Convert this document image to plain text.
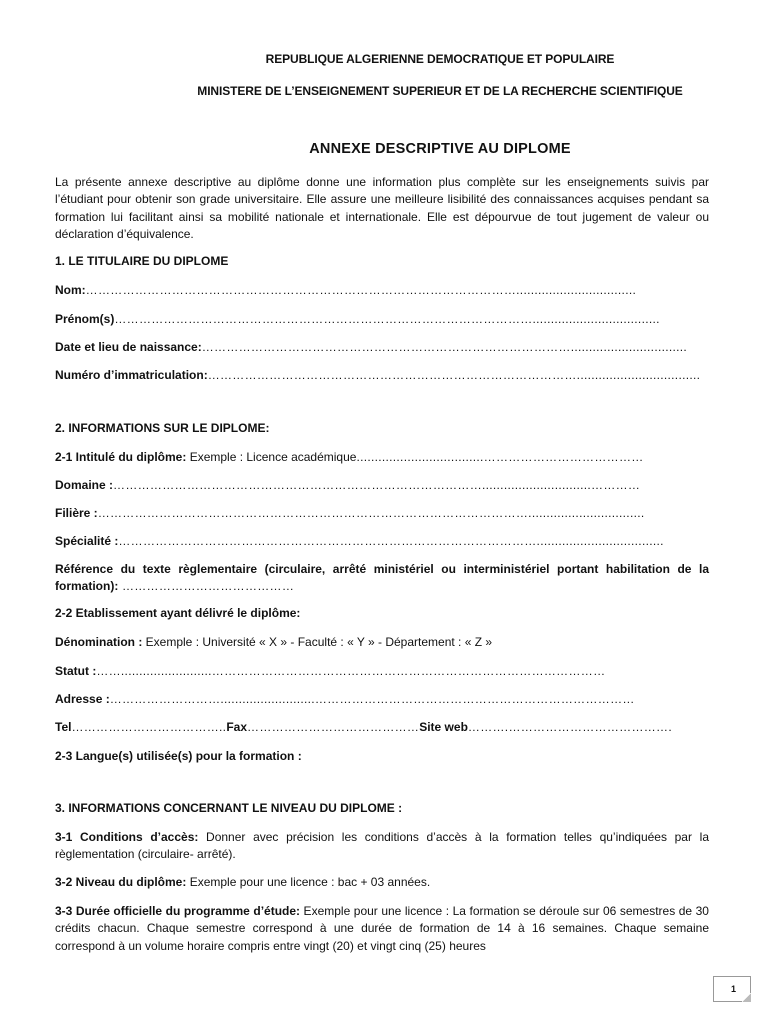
REPUBLIQUE ALGERIENNE DEMOCRATIQUE ET POPULAIRE
MINISTERE DE L’ENSEIGNEMENT SUPERIEUR ET DE LA RECHERCHE SCIENTIFIQUE
ANNEXE DESCRIPTIVE AU DIPLOME

La présente annexe descriptive au diplôme donne une information plus complète sur les enseignements suivis par l’étudiant pour obtenir son grade universitaire. Elle assure une meilleure lisibilité des connaissances acquises pendant sa formation lui facilitant ainsi sa mobilité nationale et internationale. Elle est dépourvue de tout jugement de valeur ou déclaration d’équivalence.

1. LE TITULAIRE DU DIPLOME
Nom:…………………………………………………………………………………………….................................
Prénom(s)…………………………………………………………………………………………...................................
Date et lieu de naissance:………………………………………………………………………………................................
Numéro d’immatriculation:………………………………………………………………………………..................................
2. INFORMATIONS SUR LE DIPLOME:
2-1 Intitulé du diplôme: Exemple : Licence académique...................................…………………………………
Domaine :………………………………………………………………………………..............................…………
Filière :……………………………………………………………………………………………................................
Spécialité :…………………………………………………………………………………………...................................

Référence du texte règlementaire (circulaire, arrêté ministériel ou interministériel portant habilitation de la formation): ……………………………………

2-2 Etablissement ayant délivré le diplôme:
Dénomination : Exemple : Université « X » - Faculté : « Y » - Département : « Z »
Statut :…….........................……………………………………………………………………………………
Adresse :………………………..........................……………………………………………………………………
Tel………………………………..Fax……………………………………Site web……….………………………………….
2-3 Langue(s) utilisée(s) pour la formation :
3. INFORMATIONS CONCERNANT LE NIVEAU DU DIPLOME :

3-1 Conditions d’accès: Donner avec précision les conditions d’accès à la formation telles qu’indiquées par la règlementation (circulaire- arrêté).

3-2 Niveau du diplôme: Exemple pour une licence : bac + 03 années.

3-3 Durée officielle du programme d’étude: Exemple pour une licence : La formation se déroule sur 06 semestres de 30 crédits chacun. Chaque semestre correspond à une durée de formation de 14 à 16 semaines. Chaque semaine correspond à un volume horaire compris entre vingt (20) et vingt cinq (25) heures

1
